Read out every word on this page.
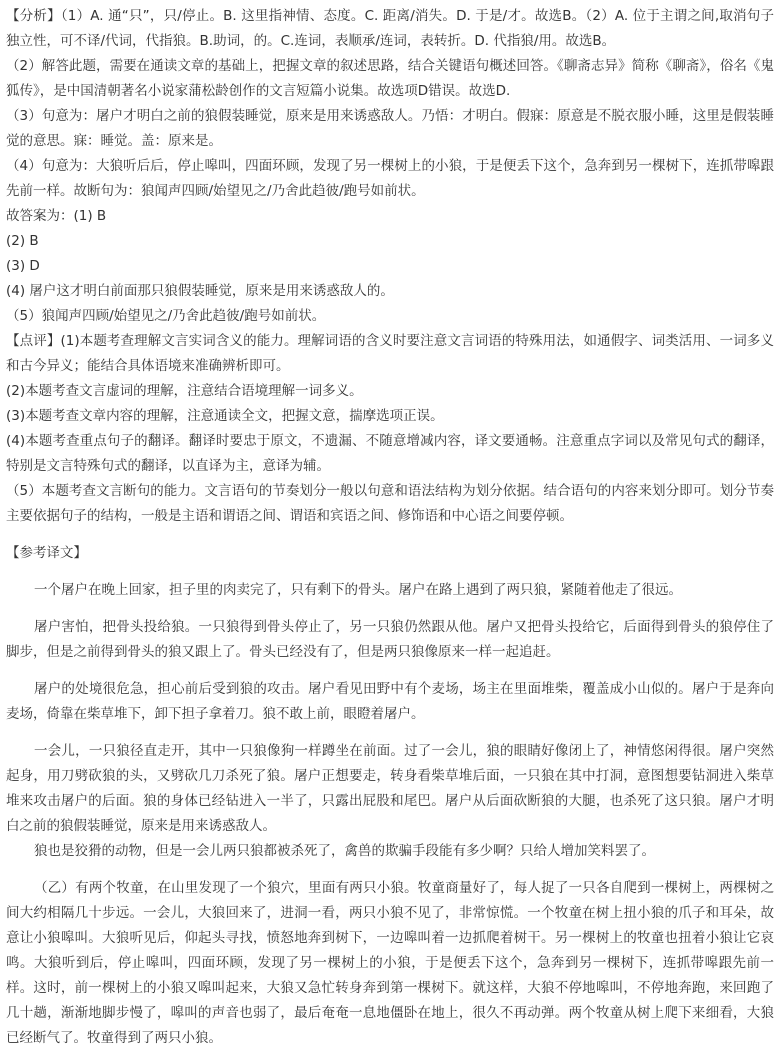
【分析】（1）A. 通“只”，只/停止。B. 这里指神情、态度。C. 距离/消失。D. 于是/才。故选B。（2）A. 位于主谓之间,取消句子独立性，可不译/代词，代指狼。B.助词，的。C.连词，表顺承/连词，表转折。D. 代指狼/用。故选B。

（2）解答此题，需要在通读文章的基础上，把握文章的叙述思路，结合关键语句概述回答。《聊斋志异》简称《聊斋》，俗名《鬼狐传》，是中国清朝著名小说家蒲松龄创作的文言短篇小说集。故选项D错误。故选D.

（3）句意为：屠户才明白之前的狼假装睡觉，原来是用来诱惑敌人。乃悟：才明白。假寐：原意是不脱衣服小睡，这里是假装睡觉的意思。寐：睡觉。盖：原来是。

（4）句意为：大狼听后后，停止嗥叫，四面环顾，发现了另一棵树上的小狼，于是便丢下这个，急奔到另一棵树下，连抓带嗥跟先前一样。故断句为：狼闻声四顾/始望见之/乃舍此趋彼/跑号如前状。

故答案为：(1) B

(2) B

(3) D

(4) 屠户这才明白前面那只狼假装睡觉，原来是用来诱惑敌人的。

（5）狼闻声四顾/始望见之/乃舍此趋彼/跑号如前状。

【点评】(1)本题考查理解文言实词含义的能力。理解词语的含义时要注意文言词语的特殊用法，如通假字、词类活用、一词多义和古今异义；能结合具体语境来准确辨析即可。

(2)本题考查文言虚词的理解，注意结合语境理解一词多义。

(3)本题考查文章内容的理解，注意通读全文，把握文意，揣摩选项正误。

(4)本题考查重点句子的翻译。翻译时要忠于原文，不遗漏、不随意增减内容，译文要通畅。注意重点字词以及常见句式的翻译，特别是文言特殊句式的翻译，以直译为主，意译为辅。

（5）本题考查文言断句的能力。文言语句的节奏划分一般以句意和语法结构为划分依据。结合语句的内容来划分即可。划分节奏主要依据句子的结构，一般是主语和谓语之间、谓语和宾语之间、修饰语和中心语之间要停顿。

【参考译文】

一个屠户在晚上回家，担子里的肉卖完了，只有剩下的骨头。屠户在路上遇到了两只狼，紧随着他走了很远。

屠户害怕，把骨头投给狼。一只狼得到骨头停止了，另一只狼仍然跟从他。屠户又把骨头投给它，后面得到骨头的狼停住了脚步，但是之前得到骨头的狼又跟上了。骨头已经没有了，但是两只狼像原来一样一起追赶。

屠户的处境很危急，担心前后受到狼的攻击。屠户看见田野中有个麦场，场主在里面堆柴，覆盖成小山似的。屠户于是奔向麦场，倚靠在柴草堆下，卸下担子拿着刀。狼不敢上前，眼瞪着屠户。

一会儿，一只狼径直走开，其中一只狼像狗一样蹲坐在前面。过了一会儿，狼的眼睛好像闭上了，神情悠闲得很。屠户突然起身，用刀劈砍狼的头，又劈砍几刀杀死了狼。屠户正想要走，转身看柴草堆后面，一只狼在其中打洞，意图想要钻洞进入柴草堆来攻击屠户的后面。狼的身体已经钻进入一半了，只露出屁股和尾巴。屠户从后面砍断狼的大腿，也杀死了这只狼。屠户才明白之前的狼假装睡觉，原来是用来诱惑敌人。

狼也是狡猾的动物，但是一会儿两只狼都被杀死了，禽兽的欺骗手段能有多少啊？只给人增加笑料罢了。

（乙）有两个牧童，在山里发现了一个狼穴，里面有两只小狼。牧童商量好了，每人捉了一只各自爬到一棵树上，两棵树之间大约相隔几十步远。一会儿，大狼回来了，进洞一看，两只小狼不见了，非常惊慌。一个牧童在树上扭小狼的爪子和耳朵，故意让小狼嗥叫。大狼听见后，仰起头寻找，愤怒地奔到树下，一边嗥叫着一边抓爬着树干。另一棵树上的牧童也扭着小狼让它哀鸣。大狼听到后，停止嗥叫，四面环顾，发现了另一棵树上的小狼，于是便丢下这个，急奔到另一棵树下，连抓带嗥跟先前一样。这时，前一棵树上的小狼又嗥叫起来，大狼又急忙转身奔到第一棵树下。就这样，大狼不停地嗥叫，不停地奔跑，来回跑了几十趟，渐渐地脚步慢了，嗥叫的声音也弱了，最后奄奄一息地僵卧在地上，很久不再动弹。两个牧童从树上爬下来细看，大狼已经断气了。牧童得到了两只小狼。
